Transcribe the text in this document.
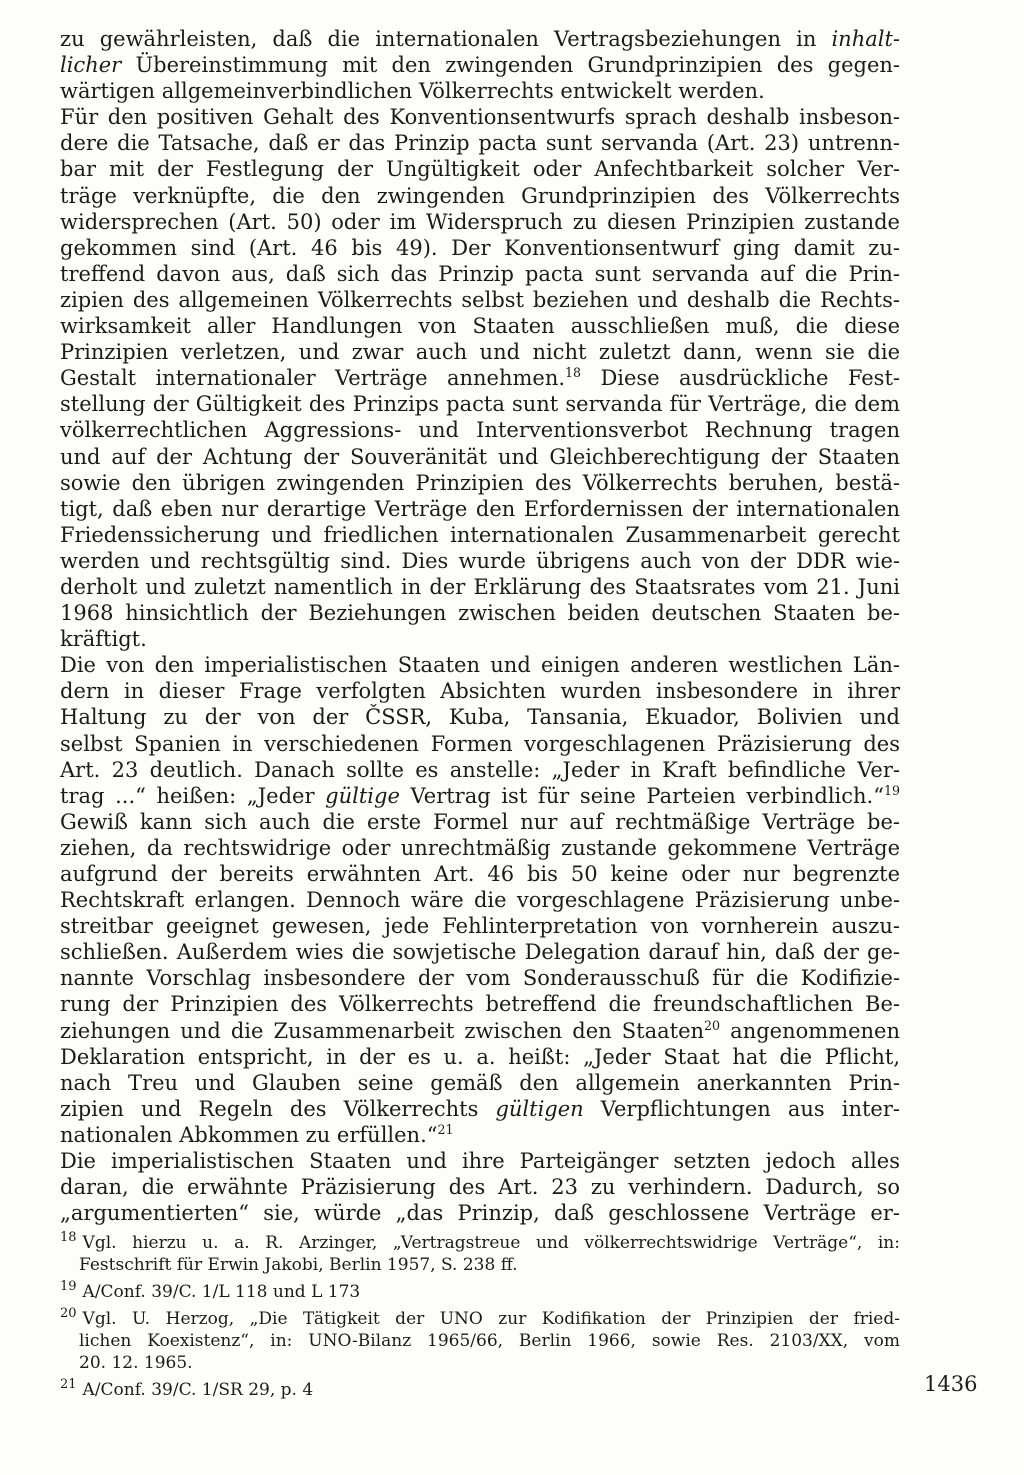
zu gewährleisten, daß die internationalen Vertragsbeziehungen in inhalt-
licher Übereinstimmung mit den zwingenden Grundprinzipien des gegen-
wärtigen allgemeinverbindlichen Völkerrechts entwickelt werden.
Für den positiven Gehalt des Konventionsentwurfs sprach deshalb insbeson-
dere die Tatsache, daß er das Prinzip pacta sunt servanda (Art. 23) untrenn-
bar mit der Festlegung der Ungültigkeit oder Anfechtbarkeit solcher Ver-
träge verknüpfte, die den zwingenden Grundprinzipien des Völkerrechts
widersprechen (Art. 50) oder im Widerspruch zu diesen Prinzipien zustande
gekommen sind (Art. 46 bis 49). Der Konventionsentwurf ging damit zu-
treffend davon aus, daß sich das Prinzip pacta sunt servanda auf die Prin-
zipien des allgemeinen Völkerrechts selbst beziehen und deshalb die Rechts-
wirksamkeit aller Handlungen von Staaten ausschließen muß, die diese
Prinzipien verletzen, und zwar auch und nicht zuletzt dann, wenn sie die
Gestalt internationaler Verträge annehmen.$^{18}$ Diese ausdrückliche Fest-
stellung der Gültigkeit des Prinzips pacta sunt servanda für Verträge, die dem
völkerrechtlichen Aggressions- und Interventionsverbot Rechnung tragen
und auf der Achtung der Souveränität und Gleichberechtigung der Staaten
sowie den übrigen zwingenden Prinzipien des Völkerrechts beruhen, bestä-
tigt, daß eben nur derartige Verträge den Erfordernissen der internationalen
Friedenssicherung und friedlichen internationalen Zusammenarbeit gerecht
werden und rechtsgültig sind. Dies wurde übrigens auch von der DDR wie-
derholt und zuletzt namentlich in der Erklärung des Staatsrates vom 21. Juni
1968 hinsichtlich der Beziehungen zwischen beiden deutschen Staaten be-
kräftigt.
Die von den imperialistischen Staaten und einigen anderen westlichen Län-
dern in dieser Frage verfolgten Absichten wurden insbesondere in ihrer
Haltung zu der von der ČSSR, Kuba, Tansania, Ekuador, Bolivien und
selbst Spanien in verschiedenen Formen vorgeschlagenen Präzisierung des
Art. 23 deutlich. Danach sollte es anstelle: „Jeder in Kraft befindliche Ver-
trag ...“ heißen: „Jeder gültige Vertrag ist für seine Parteien verbindlich.“$^{19}$
Gewiß kann sich auch die erste Formel nur auf rechtmäßige Verträge be-
ziehen, da rechtswidrige oder unrechtmäßig zustande gekommene Verträge
aufgrund der bereits erwähnten Art. 46 bis 50 keine oder nur begrenzte
Rechtskraft erlangen. Dennoch wäre die vorgeschlagene Präzisierung unbe-
streitbar geeignet gewesen, jede Fehlinterpretation von vornherein auszu-
schließen. Außerdem wies die sowjetische Delegation darauf hin, daß der ge-
nannte Vorschlag insbesondere der vom Sonderausschuß für die Kodifizie-
rung der Prinzipien des Völkerrechts betreffend die freundschaftlichen Be-
ziehungen und die Zusammenarbeit zwischen den Staaten$^{20}$ angenommenen
Deklaration entspricht, in der es u. a. heißt: „Jeder Staat hat die Pflicht,
nach Treu und Glauben seine gemäß den allgemein anerkannten Prin-
zipien und Regeln des Völkerrechts gültigen Verpflichtungen aus inter-
nationalen Abkommen zu erfüllen.“$^{21}$
Die imperialistischen Staaten und ihre Parteigänger setzten jedoch alles
daran, die erwähnte Präzisierung des Art. 23 zu verhindern. Dadurch, so
„argumentierten“ sie, würde „das Prinzip, daß geschlossene Verträge er-
$^{18}$ Vgl. hierzu u. a. R. Arzinger, „Vertragstreue und völkerrechtswidrige Verträge“, in:
Festschrift für Erwin Jakobi, Berlin 1957, S. 238 ff.
$^{19}$ A/Conf. 39/C. 1/L 118 und L 173
$^{20}$ Vgl. U. Herzog, „Die Tätigkeit der UNO zur Kodifikation der Prinzipien der fried-
lichen Koexistenz“, in: UNO-Bilanz 1965/66, Berlin 1966, sowie Res. 2103/XX, vom
20. 12. 1965.
$^{21}$ A/Conf. 39/C. 1/SR 29, p. 4	1436
